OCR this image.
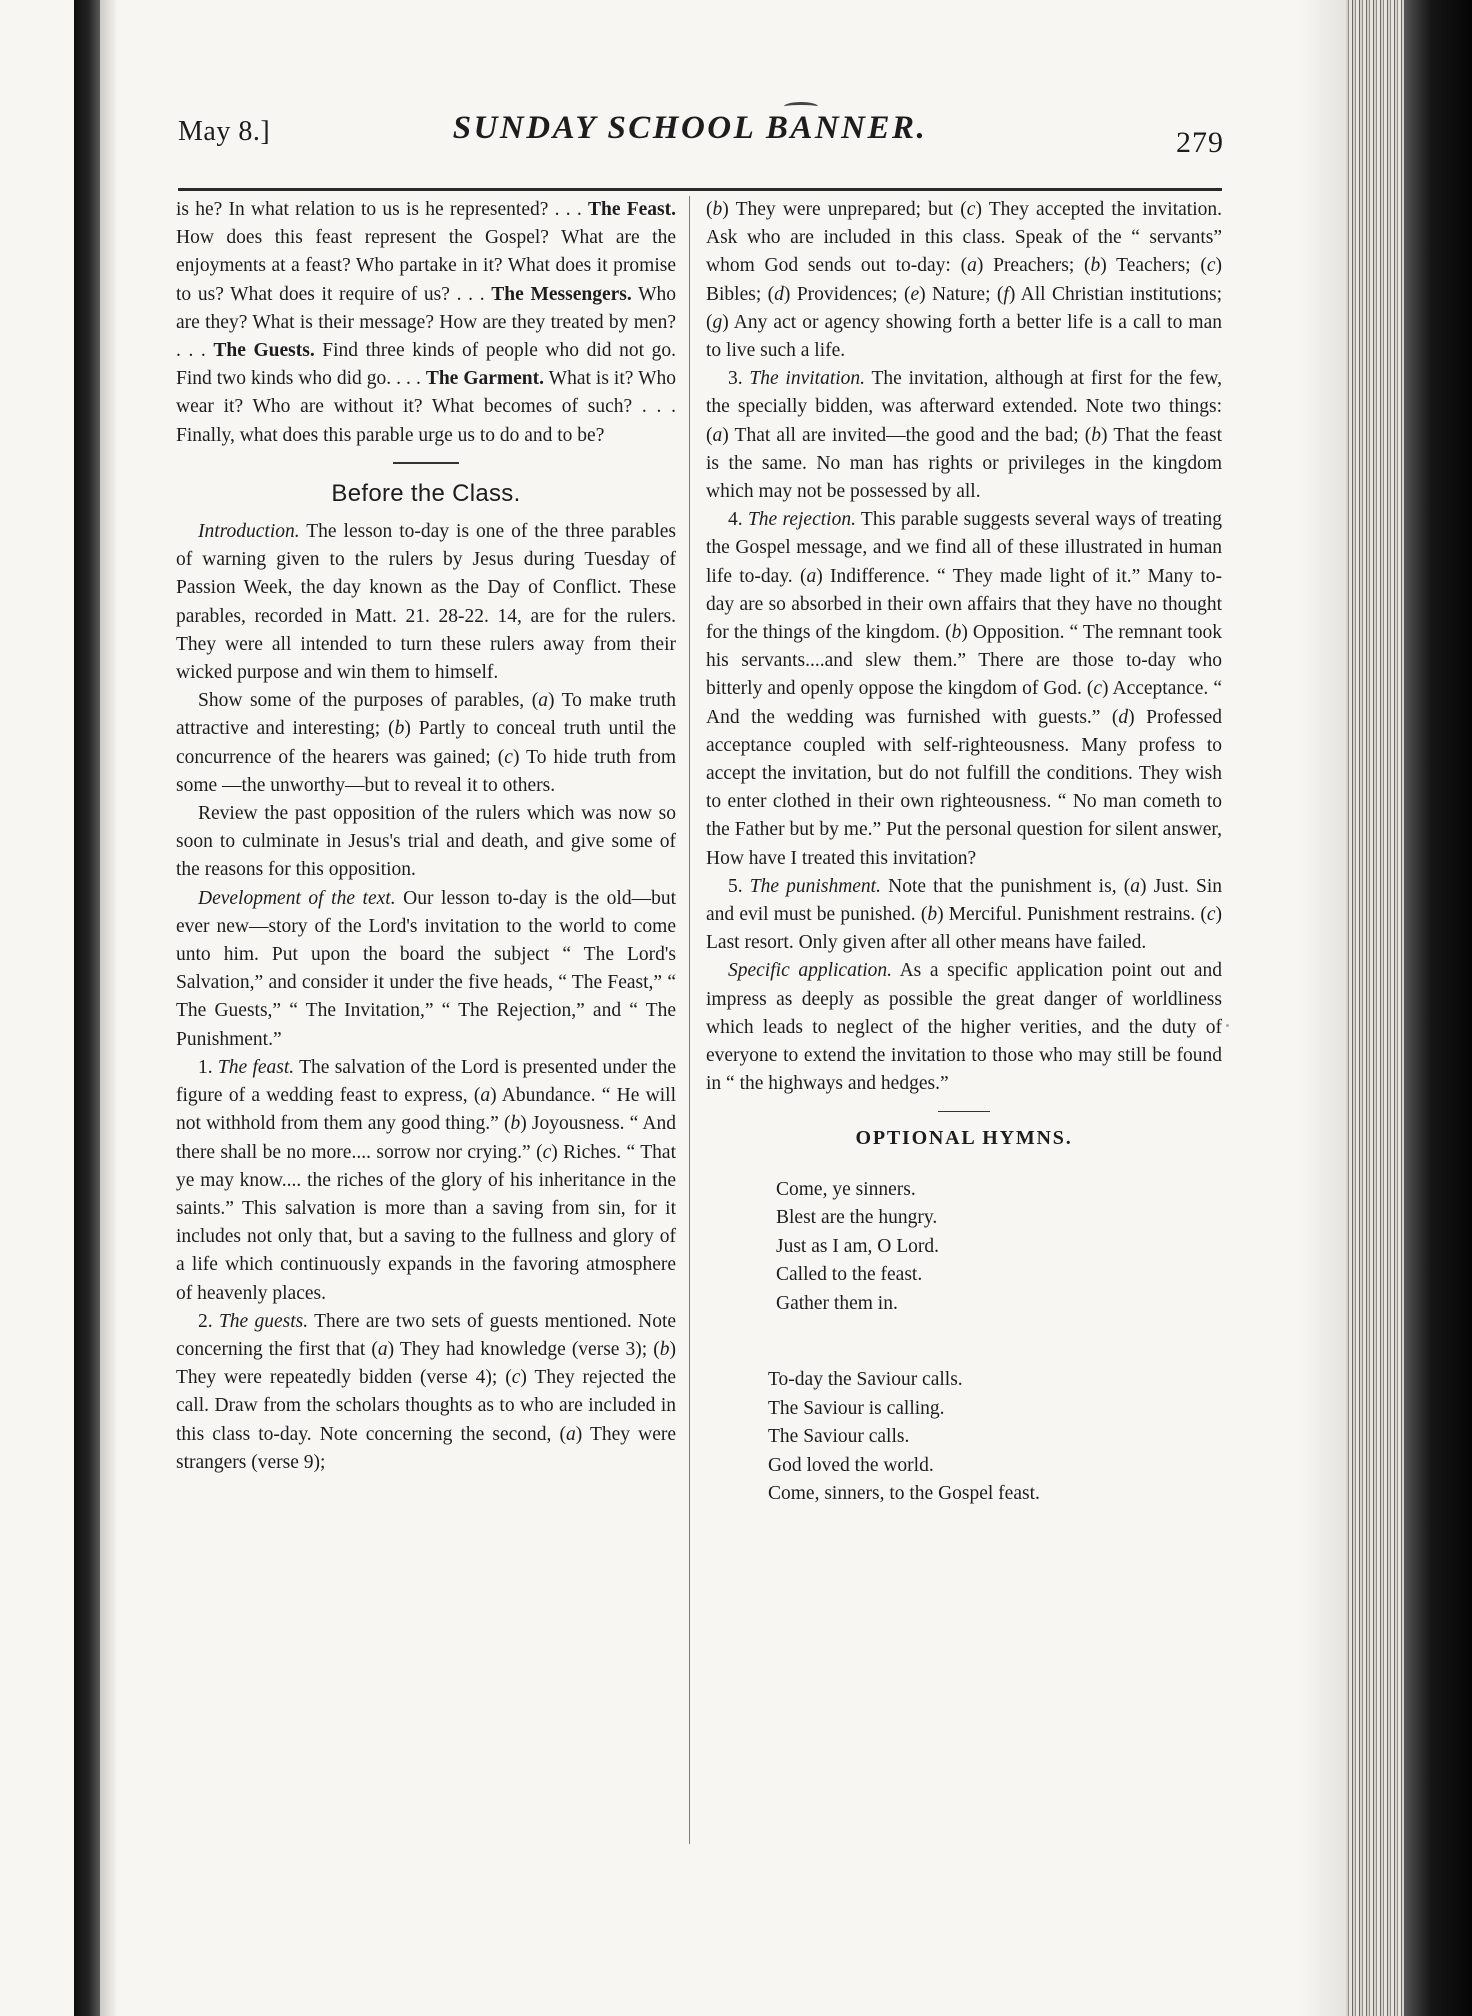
May 8.]	SUNDAY SCHOOL BANNER.	279

is he? In what relation to us is he represented? . . . The Feast. How does this feast represent the Gospel? What are the enjoyments at a feast? Who partake in it? What does it promise to us? What does it require of us? . . . The Messengers. Who are they? What is their message? How are they treated by men? . . . The Guests. Find three kinds of people who did not go. Find two kinds who did go. . . . The Garment. What is it? Who wear it? Who are without it? What becomes of such? . . . Finally, what does this parable urge us to do and to be?

Before the Class.

Introduction. The lesson to-day is one of the three parables of warning given to the rulers by Jesus during Tuesday of Passion Week, the day known as the Day of Conflict. These parables, recorded in Matt. 21. 28-22. 14, are for the rulers. They were all intended to turn these rulers away from their wicked purpose and win them to himself.

Show some of the purposes of parables, (a) To make truth attractive and interesting; (b) Partly to conceal truth until the concurrence of the hearers was gained; (c) To hide truth from some —the unworthy—but to reveal it to others.

Review the past opposition of the rulers which was now so soon to culminate in Jesus's trial and death, and give some of the reasons for this opposition.

Development of the text. Our lesson to-day is the old—but ever new—story of the Lord's invitation to the world to come unto him. Put upon the board the subject “ The Lord's Salvation,” and consider it under the five heads, “ The Feast,” “ The Guests,” “ The Invitation,” “ The Rejection,” and “ The Punishment.”

1. The feast. The salvation of the Lord is presented under the figure of a wedding feast to express, (a) Abundance. “ He will not withhold from them any good thing.” (b) Joyousness. “ And there shall be no more.... sorrow nor crying.” (c) Riches. “ That ye may know.... the riches of the glory of his inheritance in the saints.” This salvation is more than a saving from sin, for it includes not only that, but a saving to the fullness and glory of a life which continuously expands in the favoring atmosphere of heavenly places.

2. The guests. There are two sets of guests mentioned. Note concerning the first that (a) They had knowledge (verse 3); (b) They were repeatedly bidden (verse 4); (c) They rejected the call. Draw from the scholars thoughts as to who are included in this class to-day. Note concerning the second, (a) They were strangers (verse 9);

(b) They were unprepared; but (c) They accepted the invitation. Ask who are included in this class. Speak of the “ servants” whom God sends out to-day: (a) Preachers; (b) Teachers; (c) Bibles; (d) Providences; (e) Nature; (f) All Christian institutions; (g) Any act or agency showing forth a better life is a call to man to live such a life.

3. The invitation. The invitation, although at first for the few, the specially bidden, was afterward extended. Note two things: (a) That all are invited—the good and the bad; (b) That the feast is the same. No man has rights or privileges in the kingdom which may not be possessed by all.

4. The rejection. This parable suggests several ways of treating the Gospel message, and we find all of these illustrated in human life to-day. (a) Indifference. “ They made light of it.” Many to-day are so absorbed in their own affairs that they have no thought for the things of the kingdom. (b) Opposition. “ The remnant took his servants....and slew them.” There are those to-day who bitterly and openly oppose the kingdom of God. (c) Acceptance. “ And the wedding was furnished with guests.” (d) Professed acceptance coupled with self-righteousness. Many profess to accept the invitation, but do not fulfill the conditions. They wish to enter clothed in their own righteousness. “ No man cometh to the Father but by me.” Put the personal question for silent answer, How have I treated this invitation?

5. The punishment. Note that the punishment is, (a) Just. Sin and evil must be punished. (b) Merciful. Punishment restrains. (c) Last resort. Only given after all other means have failed.

Specific application. As a specific application point out and impress as deeply as possible the great danger of worldliness which leads to neglect of the higher verities, and the duty of everyone to extend the invitation to those who may still be found in “ the highways and hedges.”

OPTIONAL HYMNS.
Come, ye sinners.
Blest are the hungry.
Just as I am, O Lord.
Called to the feast.
Gather them in.
To-day the Saviour calls.
The Saviour is calling.
The Saviour calls.
God loved the world.
Come, sinners, to the Gospel feast.
